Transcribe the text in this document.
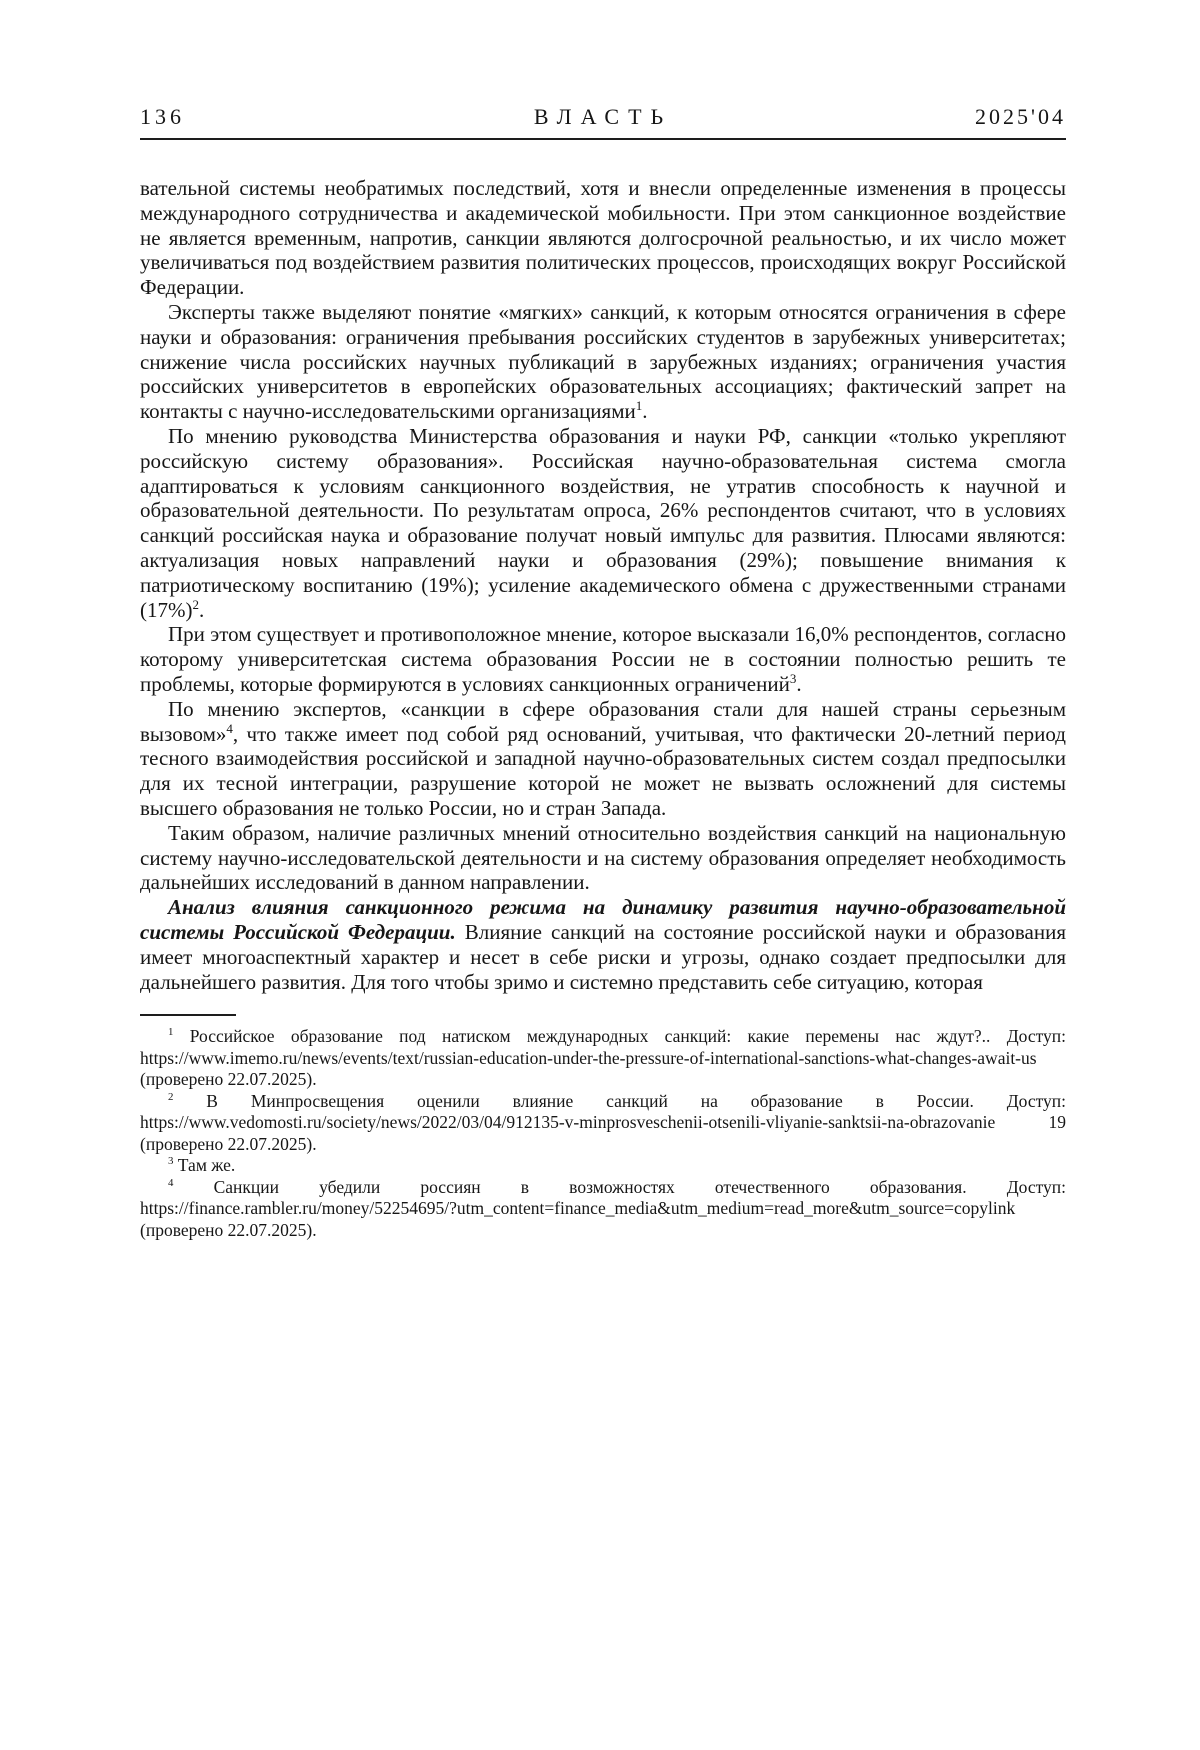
136	ВЛАСТЬ	2025'04

вательной системы необратимых последствий, хотя и внесли определенные изменения в процессы международного сотрудничества и академической мобильности. При этом санкционное воздействие не является временным, напротив, санкции являются долгосрочной реальностью, и их число может увеличиваться под воздействием развития политических процессов, происходящих вокруг Российской Федерации.

Эксперты также выделяют понятие «мягких» санкций, к которым относятся ограничения в сфере науки и образования: ограничения пребывания российских студентов в зарубежных университетах; снижение числа российских научных публикаций в зарубежных изданиях; ограничения участия российских университетов в европейских образовательных ассоциациях; фактический запрет на контакты с научно-исследовательскими организациями$^1$.

По мнению руководства Министерства образования и науки РФ, санкции «только укрепляют российскую систему образования». Российская научно-образовательная система смогла адаптироваться к условиям санкционного воздействия, не утратив способность к научной и образовательной деятельности. По результатам опроса, 26% респондентов считают, что в условиях санкций российская наука и образование получат новый импульс для развития. Плюсами являются: актуализация новых направлений науки и образования (29%); повышение внимания к патриотическому воспитанию (19%); усиление академического обмена с дружественными странами (17%)$^2$.

При этом существует и противоположное мнение, которое высказали 16,0% респондентов, согласно которому университетская система образования России не в состоянии полностью решить те проблемы, которые формируются в условиях санкционных ограничений$^3$.

По мнению экспертов, «санкции в сфере образования стали для нашей страны серьезным вызовом»$^4$, что также имеет под собой ряд оснований, учитывая, что фактически 20-летний период тесного взаимодействия российской и западной научно-образовательных систем создал предпосылки для их тесной интеграции, разрушение которой не может не вызвать осложнений для системы высшего образования не только России, но и стран Запада.

Таким образом, наличие различных мнений относительно воздействия санкций на национальную систему научно-исследовательской деятельности и на систему образования определяет необходимость дальнейших исследований в данном направлении.

Анализ влияния санкционного режима на динамику развития научно-образовательной системы Российской Федерации. Влияние санкций на состояние российской науки и образования имеет многоаспектный характер и несет в себе риски и угрозы, однако создает предпосылки для дальнейшего развития. Для того чтобы зримо и системно представить себе ситуацию, которая

$^1$ Российское образование под натиском международных санкций: какие перемены нас ждут?.. Доступ: https://www.imemo.ru/news/events/text/russian-education-under-the-pressure-of-international-sanctions-what-changes-await-us (проверено 22.07.2025).

$^2$ В Минпросвещения оценили влияние санкций на образование в России. Доступ: https://www.vedomosti.ru/society/news/2022/03/04/912135-v-minprosveschenii-otsenili-vliyanie-sanktsii-na-obrazovanie 19 (проверено 22.07.2025).

$^3$ Там же.

$^4$ Санкции убедили россиян в возможностях отечественного образования. Доступ: https://finance.rambler.ru/money/52254695/?utm_content=finance_media&utm_medium=read_more&utm_source=copylink (проверено 22.07.2025).
